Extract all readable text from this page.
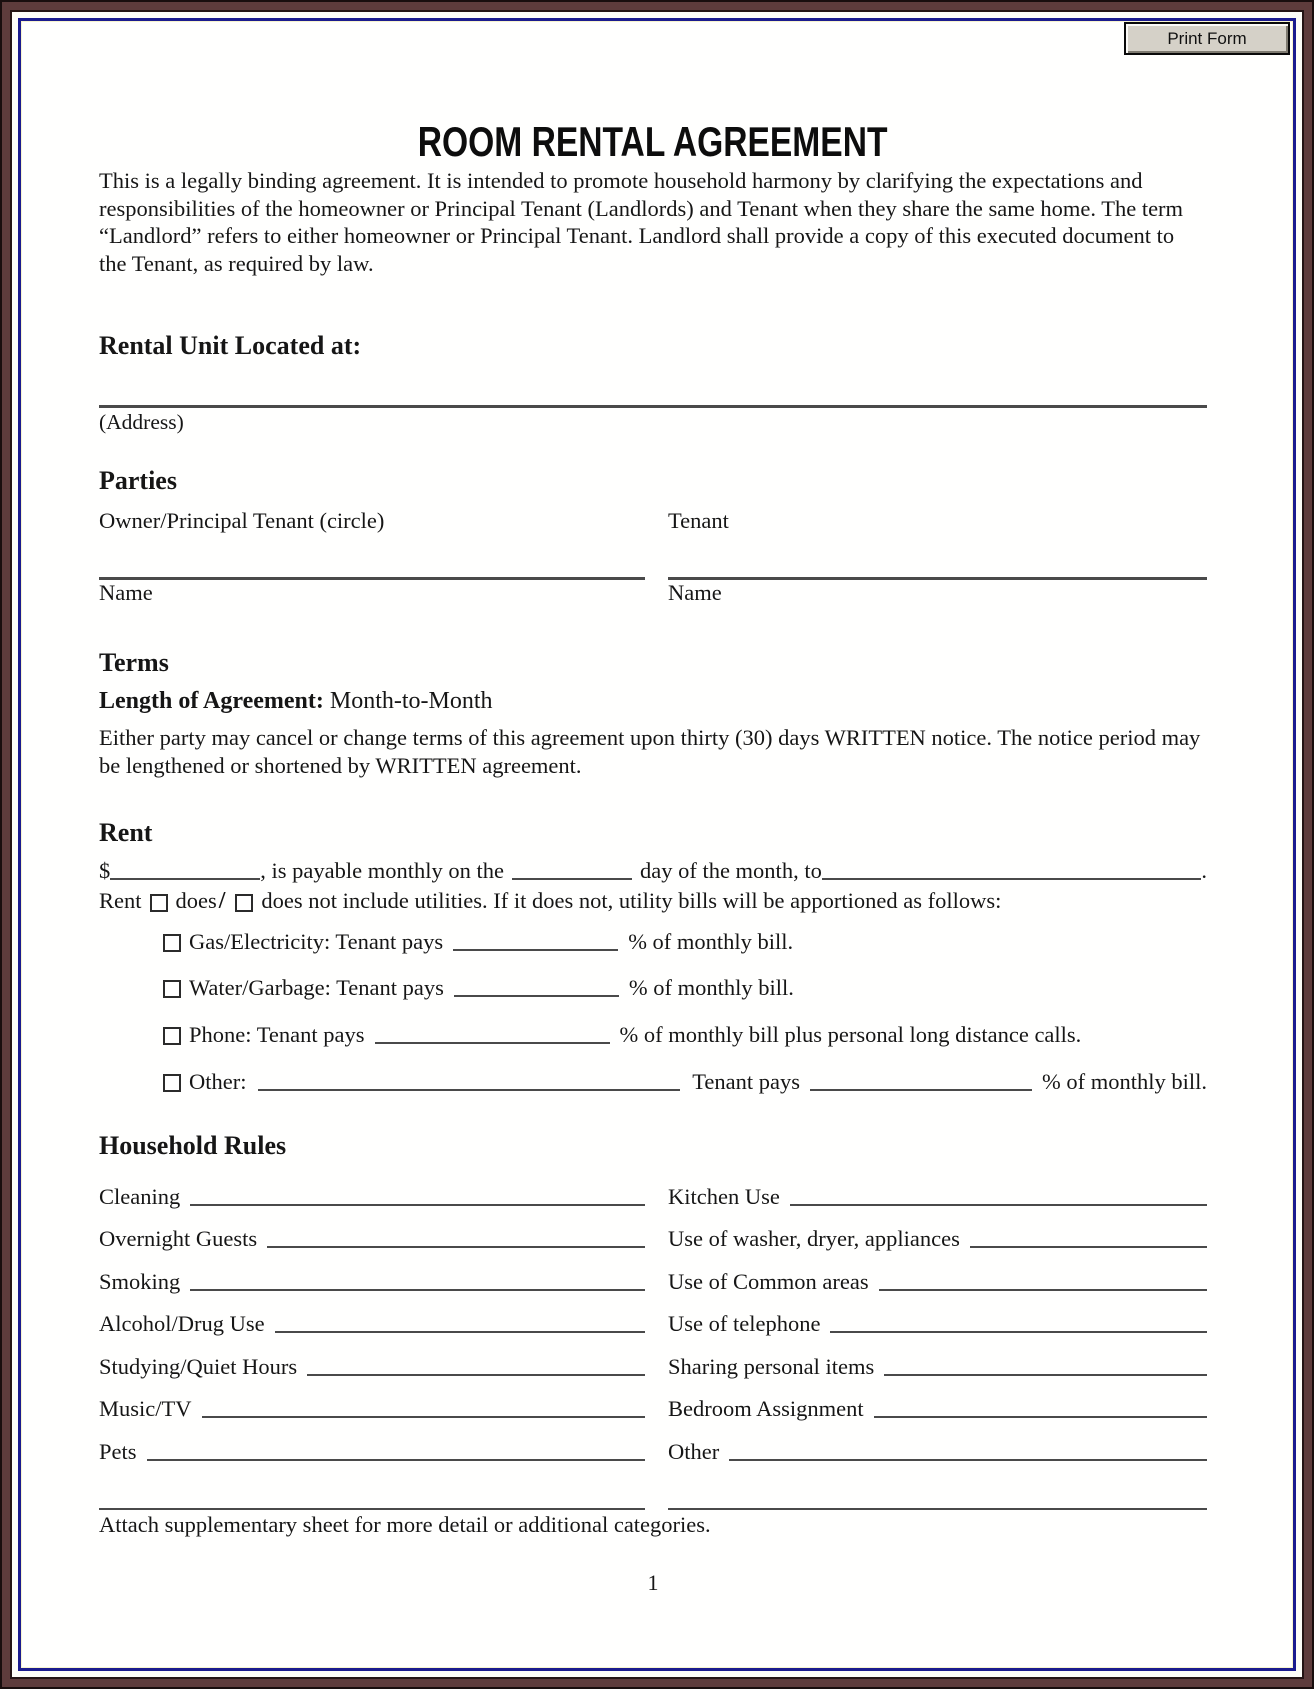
Print Form
ROOM RENTAL AGREEMENT

This is a legally binding agreement. It is intended to promote household harmony by clarifying the expectations and responsibilities of the homeowner or Principal Tenant (Landlords) and Tenant when they share the same home. The term “Landlord” refers to either homeowner or Principal Tenant. Landlord shall provide a copy of this executed document to the Tenant, as required by law.

Rental Unit Located at:
(Address)
Parties
Owner/Principal Tenant (circle)	Tenant
Name	Name
Terms
Length of Agreement: Month-to-Month

Either party may cancel or change terms of this agreement upon thirty (30) days WRITTEN notice. The notice period may be lengthened or shortened by WRITTEN agreement.

Rent
$	, is payable monthly on the	day of the month, to	.
Rent does / does not include utilities. If it does not, utility bills will be apportioned as follows:
Gas/Electricity: Tenant pays	% of monthly bill.
Water/Garbage: Tenant pays	% of monthly bill.
Phone: Tenant pays	% of monthly bill plus personal long distance calls.
Other:	Tenant pays	% of monthly bill.
Household Rules
Cleaning	Kitchen Use
Overnight Guests	Use of washer, dryer, appliances
Smoking	Use of Common areas
Alcohol/Drug Use	Use of telephone
Studying/Quiet Hours	Sharing personal items
Music/TV	Bedroom Assignment
Pets	Other
Attach supplementary sheet for more detail or additional categories.
1
